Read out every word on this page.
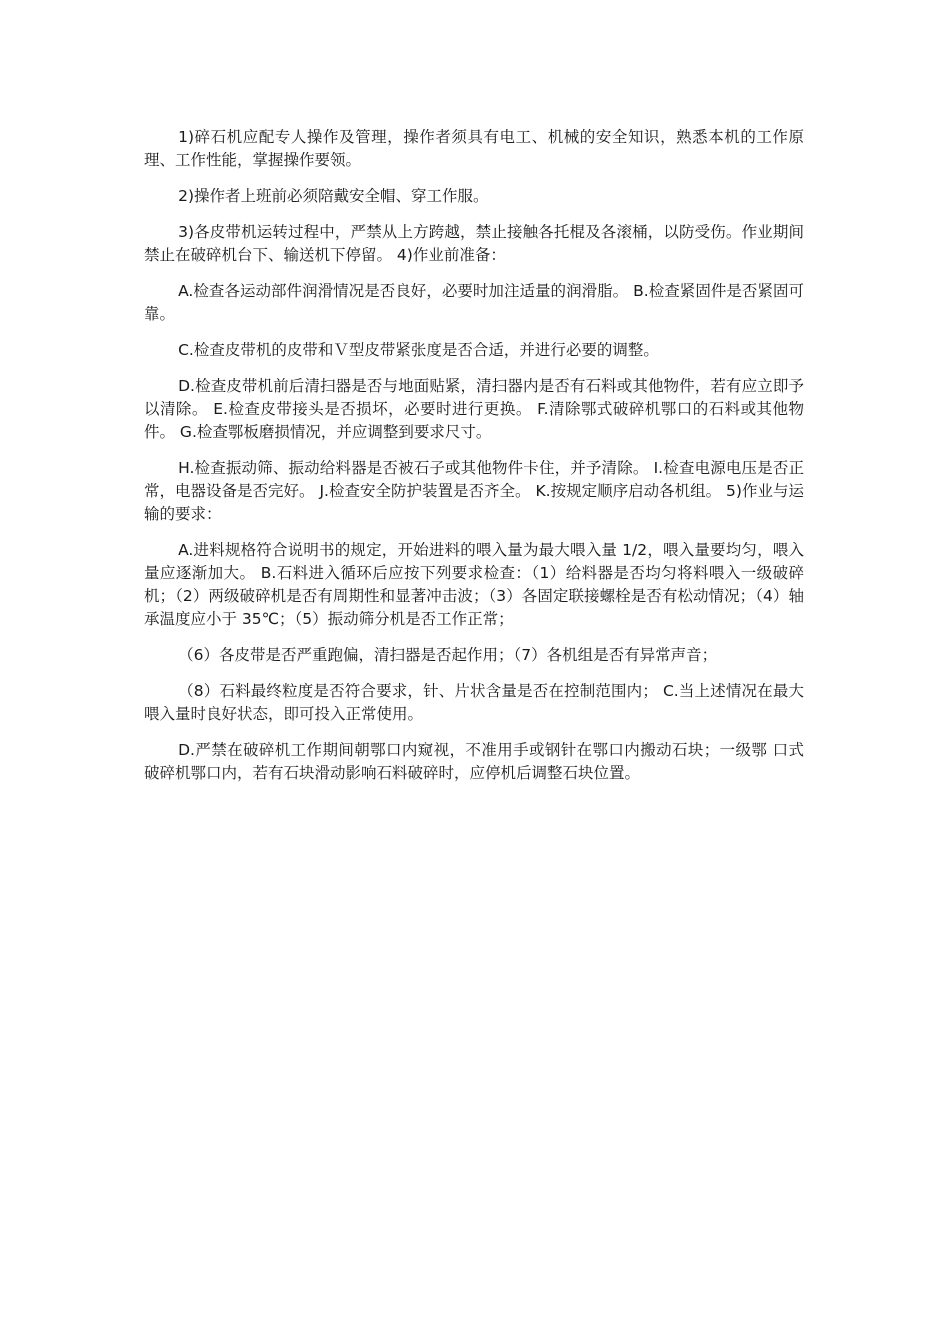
1)碎石机应配专人操作及管理，操作者须具有电工、机械的安全知识，熟悉本机的工作原理、工作性能，掌握操作要领。

2)操作者上班前必须陪戴安全帽、穿工作服。

3)各皮带机运转过程中，严禁从上方跨越，禁止接触各托棍及各滚桶，以防受伤。作业期间禁止在破碎机台下、输送机下停留。 4)作业前准备：

A.检查各运动部件润滑情况是否良好，必要时加注适量的润滑脂。 B.检查紧固件是否紧固可靠。

C.检查皮带机的皮带和Ｖ型皮带紧张度是否合适，并进行必要的调整。

D.检查皮带机前后清扫器是否与地面贴紧，清扫器内是否有石料或其他物件，若有应立即予以清除。 E.检查皮带接头是否损坏，必要时进行更换。 F.清除鄂式破碎机鄂口的石料或其他物件。 G.检查鄂板磨损情况，并应调整到要求尺寸。

H.检查振动筛、振动给料器是否被石子或其他物件卡住，并予清除。 I.检查电源电压是否正常，电器设备是否完好。 J.检查安全防护装置是否齐全。 K.按规定顺序启动各机组。 5)作业与运输的要求：

A.进料规格符合说明书的规定，开始进料的喂入量为最大喂入量 1/2，喂入量要均匀，喂入量应逐渐加大。 B.石料进入循环后应按下列要求检查：（1）给料器是否均匀将料喂入一级破碎机；（2）两级破碎机是否有周期性和显著冲击波；（3）各固定联接螺栓是否有松动情况；（4）轴承温度应小于 35℃；（5）振动筛分机是否工作正常；

（6）各皮带是否严重跑偏，清扫器是否起作用；（7）各机组是否有异常声音；

（8）石料最终粒度是否符合要求，针、片状含量是否在控制范围内； C.当上述情况在最大喂入量时良好状态，即可投入正常使用。

D.严禁在破碎机工作期间朝鄂口内窥视，不准用手或钢针在鄂口内搬动石块；一级鄂 口式破碎机鄂口内，若有石块滑动影响石料破碎时，应停机后调整石块位置。
